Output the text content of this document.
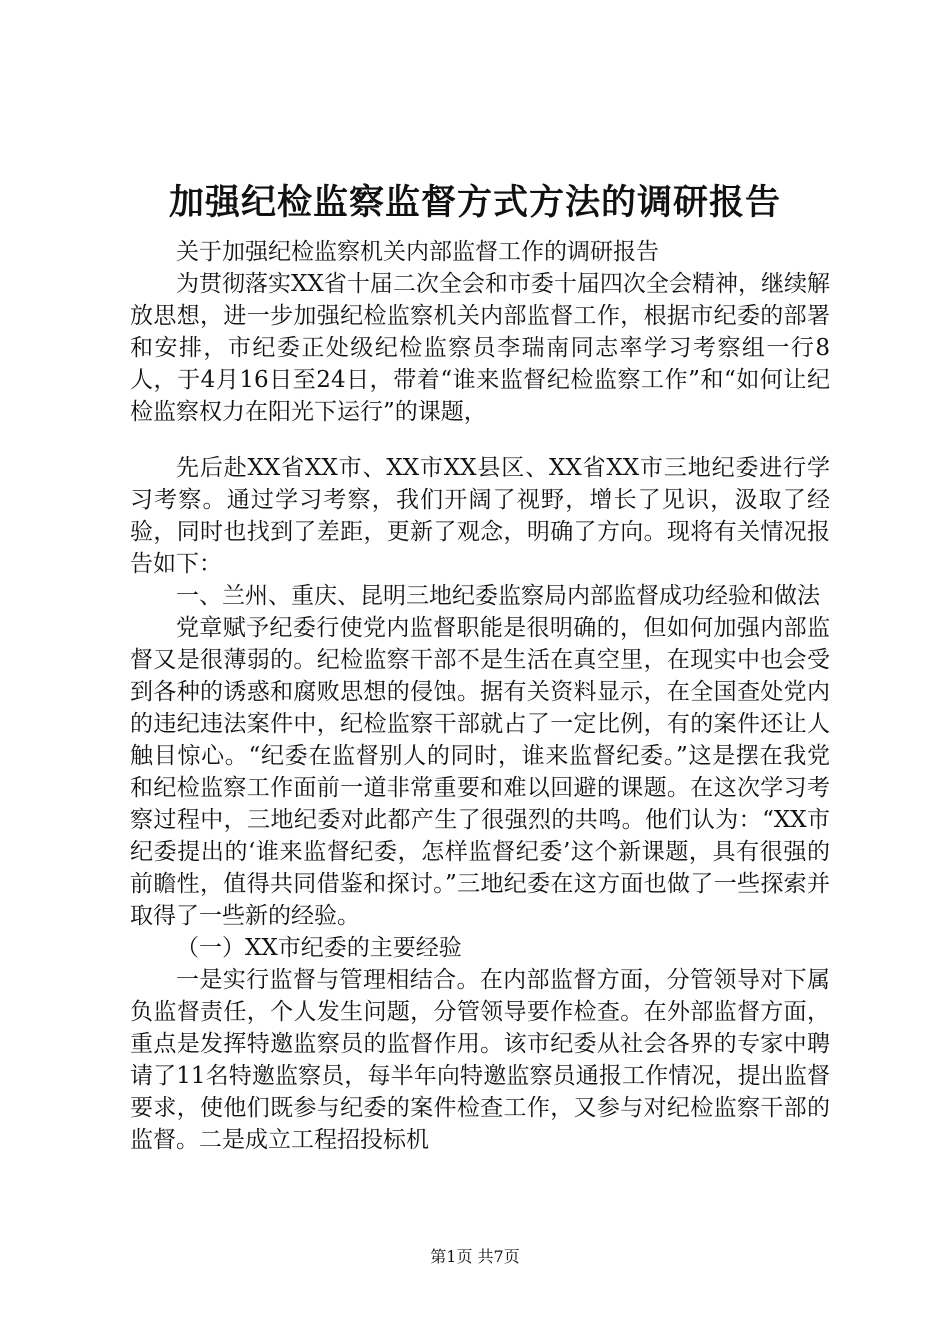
加强纪检监察监督方式方法的调研报告

关于加强纪检监察机关内部监督工作的调研报告

为贯彻落实XX省十届二次全会和市委十届四次全会精神，继续解放思想，进一步加强纪检监察机关内部监督工作，根据市纪委的部署和安排，市纪委正处级纪检监察员李瑞南同志率学习考察组一行8人，于4月16日至24日，带着“谁来监督纪检监察工作”和“如何让纪检监察权力在阳光下运行”的课题，

先后赴XX省XX市、XX市XX县区、XX省XX市三地纪委进行学习考察。通过学习考察，我们开阔了视野，增长了见识，汲取了经验，同时也找到了差距，更新了观念，明确了方向。现将有关情况报告如下：

一、兰州、重庆、昆明三地纪委监察局内部监督成功经验和做法

党章赋予纪委行使党内监督职能是很明确的，但如何加强内部监督又是很薄弱的。纪检监察干部不是生活在真空里，在现实中也会受到各种的诱惑和腐败思想的侵蚀。据有关资料显示，在全国查处党内的违纪违法案件中，纪检监察干部就占了一定比例，有的案件还让人触目惊心。“纪委在监督别人的同时，谁来监督纪委。”这是摆在我党和纪检监察工作面前一道非常重要和难以回避的课题。在这次学习考察过程中，三地纪委对此都产生了很强烈的共鸣。他们认为：“XX市纪委提出的‘谁来监督纪委，怎样监督纪委’这个新课题，具有很强的前瞻性，值得共同借鉴和探讨。”三地纪委在这方面也做了一些探索并取得了一些新的经验。

（一）XX市纪委的主要经验

一是实行监督与管理相结合。在内部监督方面，分管领导对下属负监督责任，个人发生问题，分管领导要作检查。在外部监督方面，重点是发挥特邀监察员的监督作用。该市纪委从社会各界的专家中聘请了11名特邀监察员，每半年向特邀监察员通报工作情况，提出监督要求，使他们既参与纪委的案件检查工作，又参与对纪检监察干部的监督。二是成立工程招投标机

第1页 共7页
